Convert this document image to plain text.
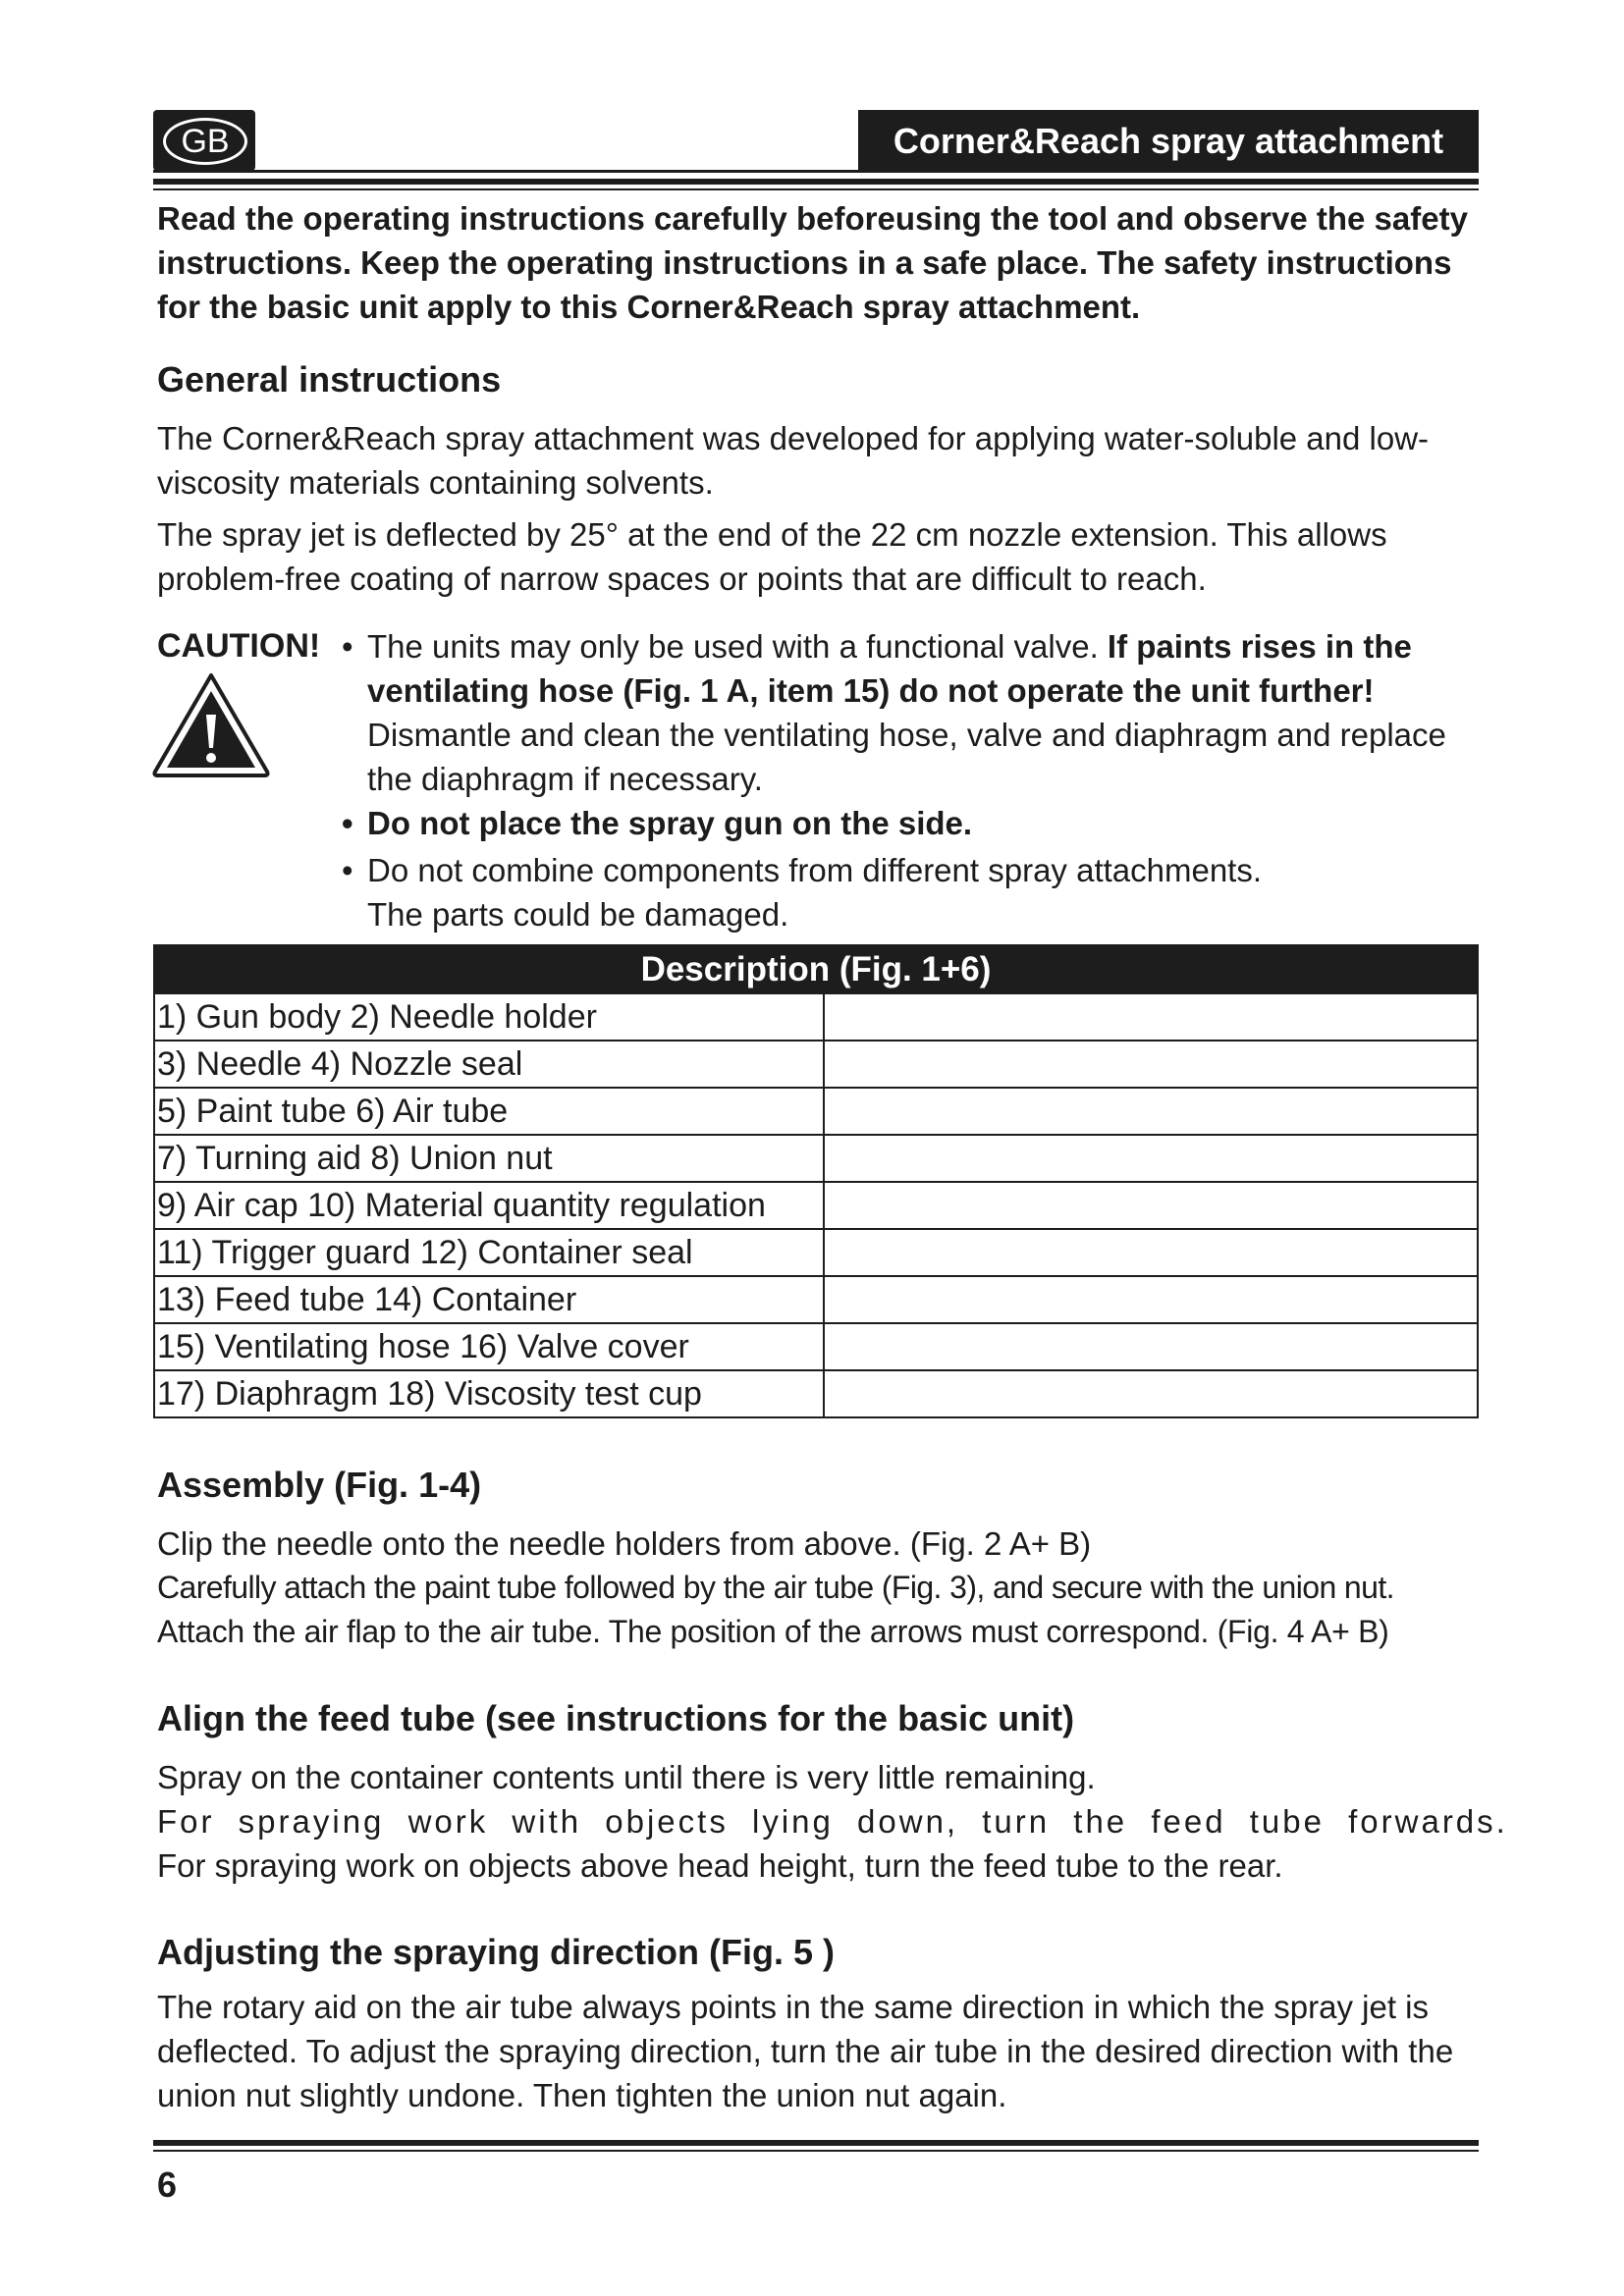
GB	Corner&Reach spray attachment
Read the operating instructions carefully beforeusing the tool and observe the safety instructions. Keep the operating instructions in a safe place. The safety instructions for the basic unit apply to this Corner&Reach spray attachment.
General instructions
The Corner&Reach spray attachment was developed for applying water-soluble and low-viscosity materials containing solvents.
The spray jet is deflected by 25° at the end of the 22 cm nozzle extension. This allows problem-free coating of narrow spaces or points that are difficult to reach.
CAUTION! • The units may only be used with a functional valve. If paints rises in the ventilating hose (Fig. 1 A, item 15) do not operate the unit further!
Dismantle and clean the ventilating hose, valve and diaphragm and replace the diaphragm if necessary.
• Do not place the spray gun on the side.
• Do not combine components from different spray attachments.
The parts could be damaged.
Description (Fig. 1+6)	
1) Gun body 2) Needle holder	
3) Needle 4) Nozzle seal	
5) Paint tube 6) Air tube	
7) Turning aid 8) Union nut	
9) Air cap 10) Material quantity regulation	
11) Trigger guard 12) Container seal	
13) Feed tube 14) Container	
15) Ventilating hose 16) Valve cover	
17) Diaphragm 18) Viscosity test cup	
Assembly (Fig. 1-4)
Clip the needle onto the needle holders from above. (Fig. 2 A+ B)
Carefully attach the paint tube followed by the air tube (Fig. 3), and secure with the union nut.
Attach the air flap to the air tube. The position of the arrows must correspond. (Fig. 4 A+ B)
Align the feed tube (see instructions for the basic unit)
Spray on the container contents until there is very little remaining.
For spraying work with objects lying down, turn the feed tube forwards.
For spraying work on objects above head height, turn the feed tube to the rear.
Adjusting the spraying direction (Fig. 5 )
The rotary aid on the air tube always points in the same direction in which the spray jet is deflected. To adjust the spraying direction, turn the air tube in the desired direction with the union nut slightly undone. Then tighten the union nut again.
6
